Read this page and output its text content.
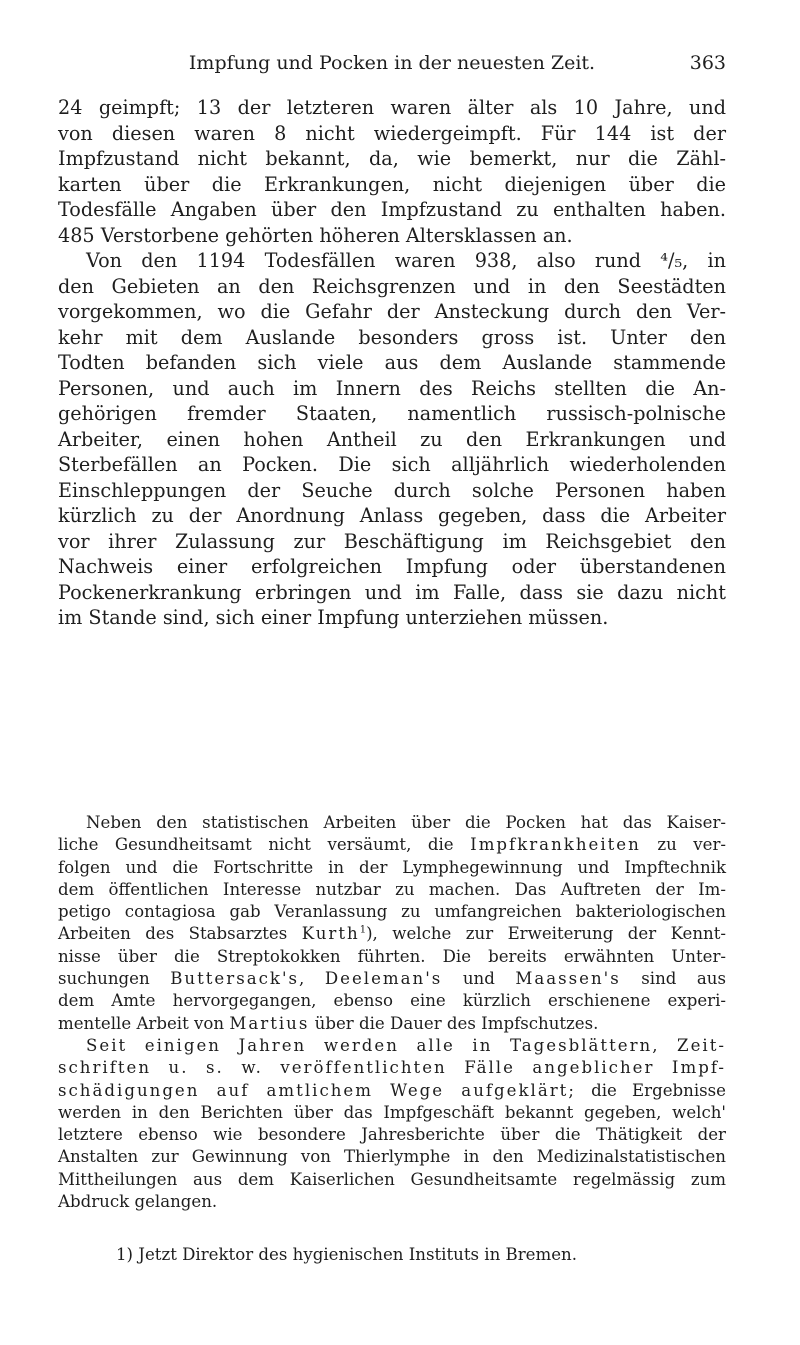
Impfung und Pocken in der neuesten Zeit.	363

24 geimpft; 13 der letzteren waren älter als 10 Jahre, und
von diesen waren 8 nicht wiedergeimpft. Für 144 ist der
Impfzustand nicht bekannt, da, wie bemerkt, nur die Zähl-
karten über die Erkrankungen, nicht diejenigen über die
Todesfälle Angaben über den Impfzustand zu enthalten haben.
485 Verstorbene gehörten höheren Altersklassen an.

Von den 1194 Todesfällen waren 938, also rund ⁴/₅, in
den Gebieten an den Reichsgrenzen und in den Seestädten
vorgekommen, wo die Gefahr der Ansteckung durch den Ver-
kehr mit dem Auslande besonders gross ist. Unter den
Todten befanden sich viele aus dem Auslande stammende
Personen, und auch im Innern des Reichs stellten die An-
gehörigen fremder Staaten, namentlich russisch-polnische
Arbeiter, einen hohen Antheil zu den Erkrankungen und
Sterbefällen an Pocken. Die sich alljährlich wiederholenden
Einschleppungen der Seuche durch solche Personen haben
kürzlich zu der Anordnung Anlass gegeben, dass die Arbeiter
vor ihrer Zulassung zur Beschäftigung im Reichsgebiet den
Nachweis einer erfolgreichen Impfung oder überstandenen
Pockenerkrankung erbringen und im Falle, dass sie dazu nicht
im Stande sind, sich einer Impfung unterziehen müssen.

Neben den statistischen Arbeiten über die Pocken hat das Kaiser-
liche Gesundheitsamt nicht versäumt, die Impfkrankheiten zu ver-
folgen und die Fortschritte in der Lymphegewinnung und Impftechnik
dem öffentlichen Interesse nutzbar zu machen. Das Auftreten der Im-
petigo contagiosa gab Veranlassung zu umfangreichen bakteriologischen
Arbeiten des Stabsarztes Kurth$^1$), welche zur Erweiterung der Kennt-
nisse über die Streptokokken führten. Die bereits erwähnten Unter-
suchungen Buttersack's, Deeleman's und Maassen's sind aus
dem Amte hervorgegangen, ebenso eine kürzlich erschienene experi-
mentelle Arbeit von Martius über die Dauer des Impfschutzes.

Seit einigen Jahren werden alle in Tagesblättern, Zeit-
schriften u. s. w. veröffentlichten Fälle angeblicher Impf-
schädigungen auf amtlichem Wege aufgeklärt; die Ergebnisse
werden in den Berichten über das Impfgeschäft bekannt gegeben, welch'
letztere ebenso wie besondere Jahresberichte über die Thätigkeit der
Anstalten zur Gewinnung von Thierlymphe in den Medizinalstatistischen
Mittheilungen aus dem Kaiserlichen Gesundheitsamte regelmässig zum
Abdruck gelangen.

1) Jetzt Direktor des hygienischen Instituts in Bremen.
